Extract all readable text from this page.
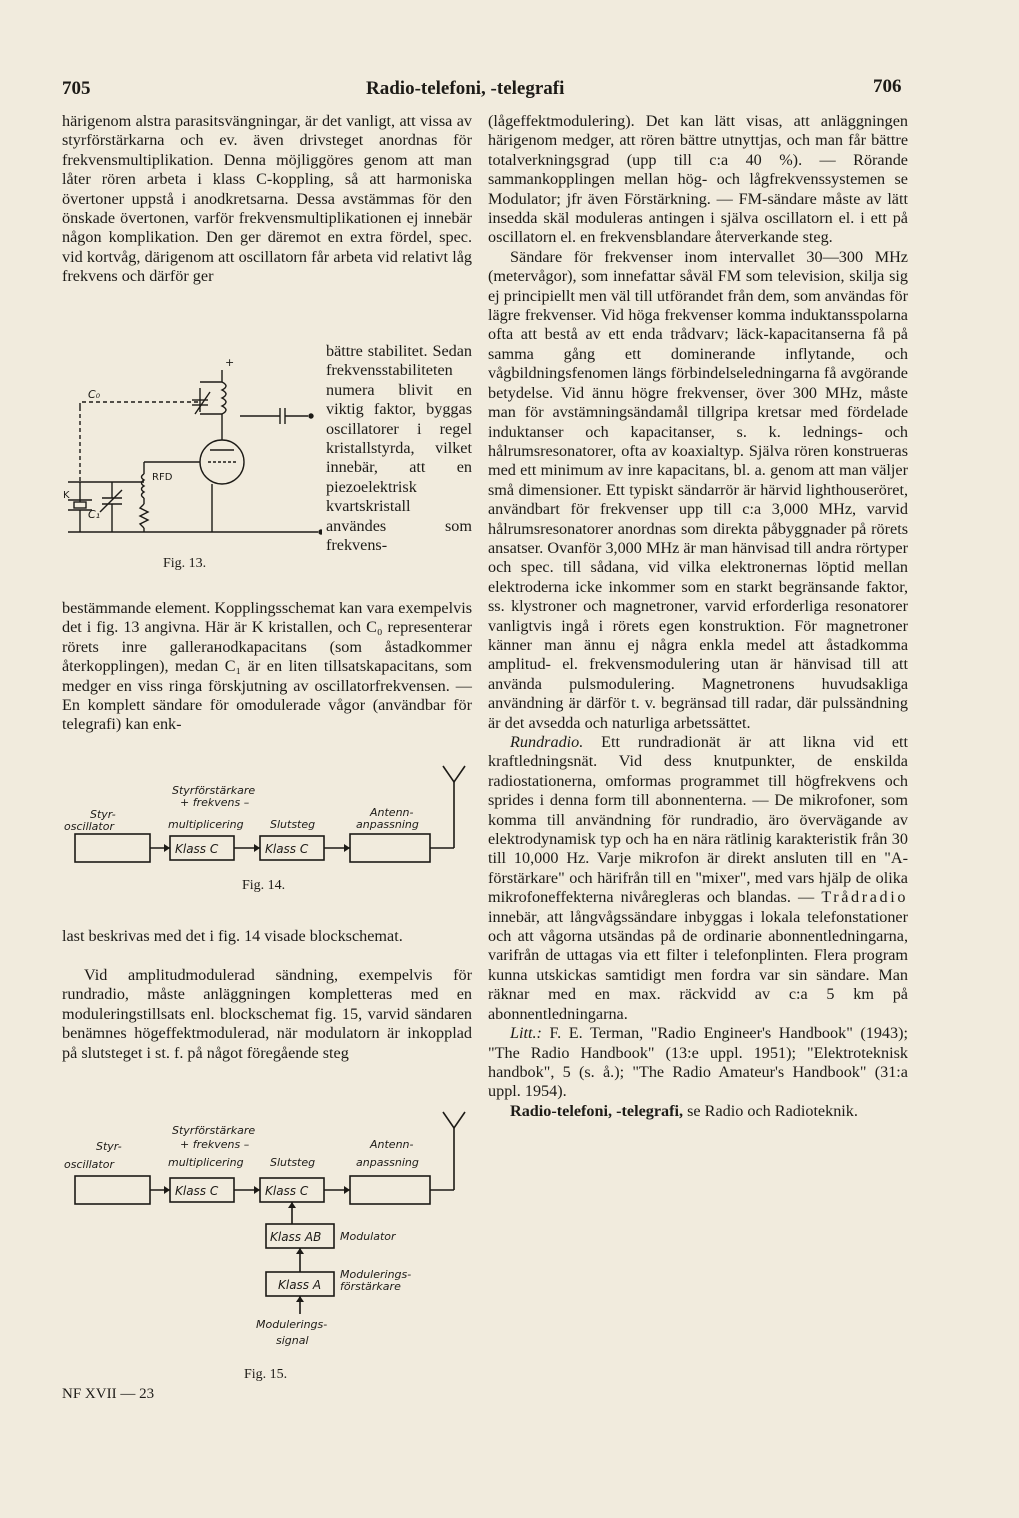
705	Radio-telefoni, -telegrafi	706

härigenom alstra parasitsvängningar, är det vanligt, att vissa av styrförstärkarna och ev. även drivsteget anordnas för frekvensmultiplikation. Denna möjliggöres genom att man låter rören arbeta i klass C-koppling, så att harmoniska övertoner uppstå i anodkretsarna. Dessa avstämmas för den önskade övertonen, varför frekvensmultiplikationen ej innebär någon komplikation. Den ger däremot en extra fördel, spec. vid kortvåg, därigenom att oscillatorn får arbeta vid relativt låg frekvens och därför ger

bättre stabilitet. Sedan frekvensstabiliteten numera blivit en viktig faktor, byggas oscillatorer i regel kristallstyrda, vilket innebär, att en piezoelektrisk kvartskristall användes som frekvens-

+
K
C₀
C₁
RFD
Fig. 13.

bestämmande element. Kopplingsschemat kan vara exempelvis det i fig. 13 angivna. Här är K kristallen, och C₀ representerar rörets inre gallerанodkapacitans (som åstadkommer återkopplingen), medan C₁ är en liten tillsatskapacitans, som medger en viss ringa förskjutning av oscillatorfrekvensen. — En komplett sändare för omodulerade vågor (användbar för telegrafi) kan enk-

Klass C	Klass C
Styr-
oscillator
Styrförstärkare
+ frekvens –
multiplicering Slutsteg
Antenn-
anpassning
Fig. 14.

last beskrivas med det i fig. 14 visade blockschemat.

Vid amplitudmodulerad sändning, exempelvis för rundradio, måste anläggningen kompletteras med en moduleringstillsats enl. blockschemat fig. 15, varvid sändaren benämnes högeffektmodulerad, när modulatorn är inkopplad på slutsteget i st. f. på något föregående steg

Klass C	Klass C
Klass AB
Klass A
Modulator
Modulerings-
förstärkare
Modulerings-
signal
Styr-
oscillator
Styrförstärkare
+ frekvens –
multiplicering Slutsteg
Antenn-
anpassning
Fig. 15.
NF XVII — 23

(lågeffektmodulering). Det kan lätt visas, att anläggningen härigenom medger, att rören bättre utnyttjas, och man får bättre totalverkningsgrad (upp till c:a 40 %). — Rörande sammankopplingen mellan hög- och lågfrekvenssystemen se Modulator; jfr även Förstärkning. — FM-sändare måste av lätt insedda skäl moduleras antingen i själva oscillatorn el. i ett på oscillatorn el. en frekvensblandare återverkande steg.

Sändare för frekvenser inom intervallet 30—300 MHz (metervågor), som innefattar såväl FM som television, skilja sig ej principiellt men väl till utförandet från dem, som användas för lägre frekvenser. Vid höga frekvenser komma induktansspolarna ofta att bestå av ett enda trådvarv; läck-kapacitanserna få på samma gång ett dominerande inflytande, och vågbildningsfenomen längs förbindelseledningarna få avgörande betydelse. Vid ännu högre frekvenser, över 300 MHz, måste man för avstämningsändamål tillgripa kretsar med fördelade induktanser och kapacitanser, s. k. lednings- och hålrumsresonatorer, ofta av koaxialtyp. Själva rören konstrueras med ett minimum av inre kapacitans, bl. a. genom att man väljer små dimensioner. Ett typiskt sändarrör är härvid lighthouseröret, användbart för frekvenser upp till c:a 3,000 MHz, varvid hålrumsresonatorer anordnas som direkta påbyggnader på rörets ansatser. Ovanför 3,000 MHz är man hänvisad till andra rörtyper och spec. till sådana, vid vilka elektronernas löptid mellan elektroderna icke inkommer som en starkt begränsande faktor, ss. klystroner och magnetroner, varvid erforderliga resonatorer vanligtvis ingå i rörets egen konstruktion. För magnetroner känner man ännu ej några enkla medel att åstadkomma amplitud- el. frekvensmodulering utan är hänvisad till att använda pulsmodulering. Magnetronens huvudsakliga användning är därför t. v. begränsad till radar, där pulssändning är det avsedda och naturliga arbetssättet.

Rundradio. Ett rundradionät är att likna vid ett kraftledningsnät. Vid dess knutpunkter, de enskilda radiostationerna, omformas programmet till högfrekvens och sprides i denna form till abonnenterna. — De mikrofoner, som komma till användning för rundradio, äro övervägande av elektrodynamisk typ och ha en nära rätlinig karakteristik från 30 till 10,000 Hz. Varje mikrofon är direkt ansluten till en "A-förstärkare" och härifrån till en "mixer", med vars hjälp de olika mikrofoneffekterna nivåregleras och blandas. — Trådradio innebär, att långvågssändare inbyggas i lokala telefonstationer och att vågorna utsändas på de ordinarie abonnentledningarna, varifrån de uttagas via ett filter i telefonplinten. Flera program kunna utskickas samtidigt men fordra var sin sändare. Man räknar med en max. räckvidd av c:a 5 km på abonnentledningarna.

Litt.: F. E. Terman, "Radio Engineer's Handbook" (1943); "The Radio Handbook" (13:e uppl. 1951); "Elektroteknisk handbok", 5 (s. å.); "The Radio Amateur's Handbook" (31:a uppl. 1954).

Radio-telefoni, -telegrafi, se Radio och Radioteknik.
